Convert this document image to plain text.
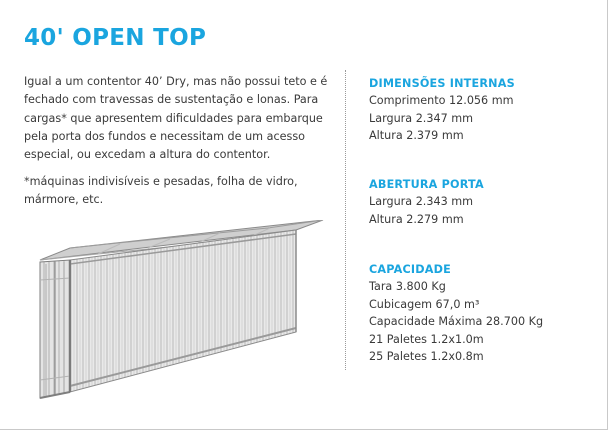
40' OPEN TOP

Igual a um contentor 40’ Dry, mas não possui teto e é fechado com travessas de sustentação e lonas. Para cargas* que apresentem dificuldades para embarque pela porta dos fundos e necessitam de um acesso especial, ou excedam a altura do contentor.

*máquinas indivisíveis e pesadas, folha de vidro, mármore, etc.

DIMENSÕES INTERNAS
Comprimento 12.056 mm
Largura 2.347 mm
Altura 2.379 mm
ABERTURA PORTA
Largura 2.343 mm
Altura 2.279 mm
CAPACIDADE
Tara 3.800 Kg
Cubicagem 67,0 m³
Capacidade Máxima 28.700 Kg
21 Paletes 1.2x1.0m
25 Paletes 1.2x0.8m
